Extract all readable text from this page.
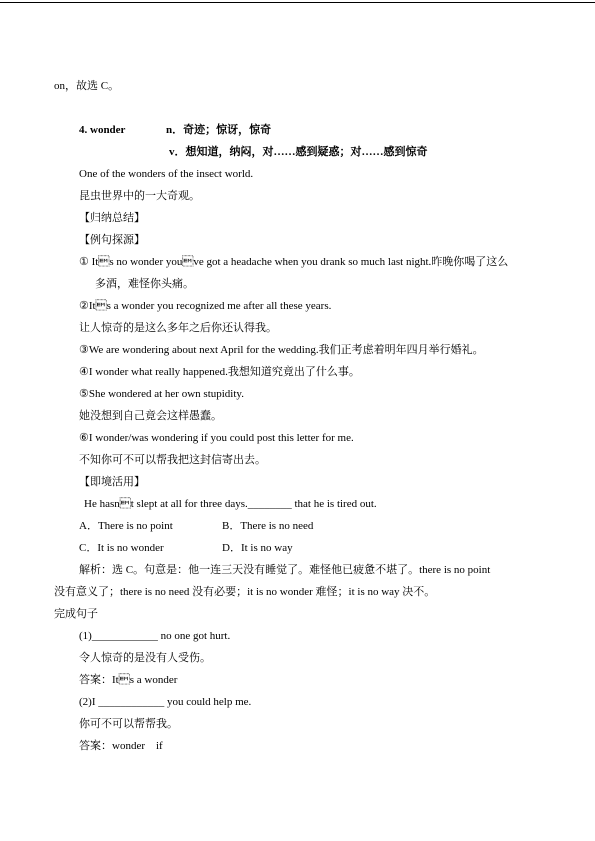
on，故选 C。
4. wonder	n．奇迹；惊讶，惊奇
v．想知道，纳闷，对……感到疑惑；对……感到惊奇
One of the wonders of the insect world.
昆虫世界中的一大奇观。
【归纳总结】
【例句探源】
① Its no wonder youve got a headache when you drank so much last night.昨晚你喝了这么
多酒，难怪你头痛。
②Its a wonder you recognized me after all these years.
让人惊奇的是这么多年之后你还认得我。
③We are wondering about next April for the wedding.我们正考虑着明年四月举行婚礼。
④I wonder what really happened.我想知道究竟出了什么事。
⑤She wondered at her own stupidity.
她没想到自己竟会这样愚蠢。
⑥I wonder/was wondering if you could post this letter for me.
不知你可不可以帮我把这封信寄出去。
【即境活用】
He hasnt slept at all for three days.________ that he is tired out.
A．There is no point	B．There is no need
C．It is no wonder	D．It is no way
解析：选 C。句意是：他一连三天没有睡觉了。难怪他已疲惫不堪了。there is no point
没有意义了；there is no need 没有必要；it is no wonder 难怪；it is no way 决不。
完成句子
(1)____________ no one got hurt.
令人惊奇的是没有人受伤。
答案：Its a wonder
(2)I ____________ you could help me.
你可不可以帮帮我。
答案：wonder　if
